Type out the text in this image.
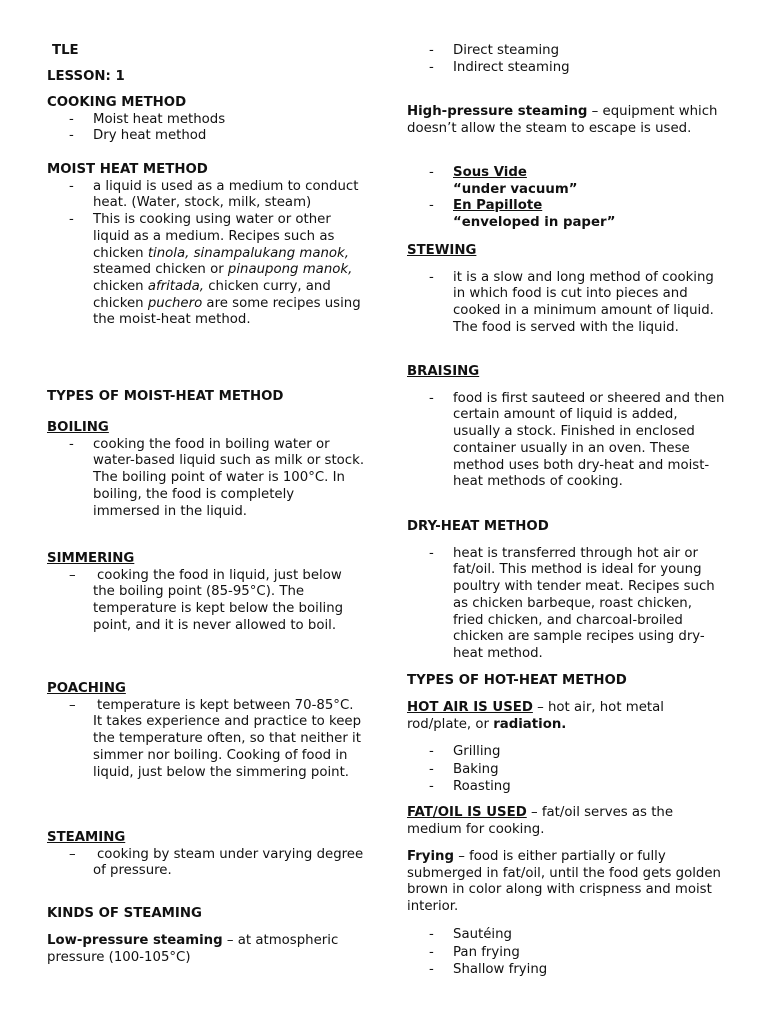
TLE
LESSON: 1
COOKING METHOD
- Moist heat methods
- Dry heat method
MOIST HEAT METHOD
- a liquid is used as a medium to conduct heat. (Water, stock, milk, steam)
- This is cooking using water or other liquid as a medium. Recipes such as chicken tinola, sinampalukang manok, steamed chicken or pinaupong manok, chicken afritada, chicken curry, and chicken puchero are some recipes using the moist-heat method.
TYPES OF MOIST-HEAT METHOD
BOILING
- cooking the food in boiling water or water-based liquid such as milk or stock. The boiling point of water is 100°C. In boiling, the food is completely immersed in the liquid.
SIMMERING
– cooking the food in liquid, just below the boiling point (85-95°C). The temperature is kept below the boiling point, and it is never allowed to boil.
POACHING
– temperature is kept between 70-85°C. It takes experience and practice to keep the temperature often, so that neither it simmer nor boiling. Cooking of food in liquid, just below the simmering point.
STEAMING
– cooking by steam under varying degree of pressure.
KINDS OF STEAMING
Low-pressure steaming – at atmospheric pressure (100-105°C)
- Direct steaming
- Indirect steaming
High-pressure steaming – equipment which doesn’t allow the steam to escape is used.
- Sous Vide
“under vacuum”
- En Papillote
“enveloped in paper”
STEWING
- it is a slow and long method of cooking in which food is cut into pieces and cooked in a minimum amount of liquid. The food is served with the liquid.
BRAISING
- food is first sauteed or sheered and then certain amount of liquid is added, usually a stock. Finished in enclosed container usually in an oven. These method uses both dry-heat and moist-heat methods of cooking.
DRY-HEAT METHOD
- heat is transferred through hot air or fat/oil. This method is ideal for young poultry with tender meat. Recipes such as chicken barbeque, roast chicken, fried chicken, and charcoal-broiled chicken are sample recipes using dry-heat method.
TYPES OF HOT-HEAT METHOD
HOT AIR IS USED – hot air, hot metal rod/plate, or radiation.
- Grilling
- Baking
- Roasting
FAT/OIL IS USED – fat/oil serves as the medium for cooking.
Frying – food is either partially or fully submerged in fat/oil, until the food gets golden brown in color along with crispness and moist interior.
- Sautéing
- Pan frying
- Shallow frying
